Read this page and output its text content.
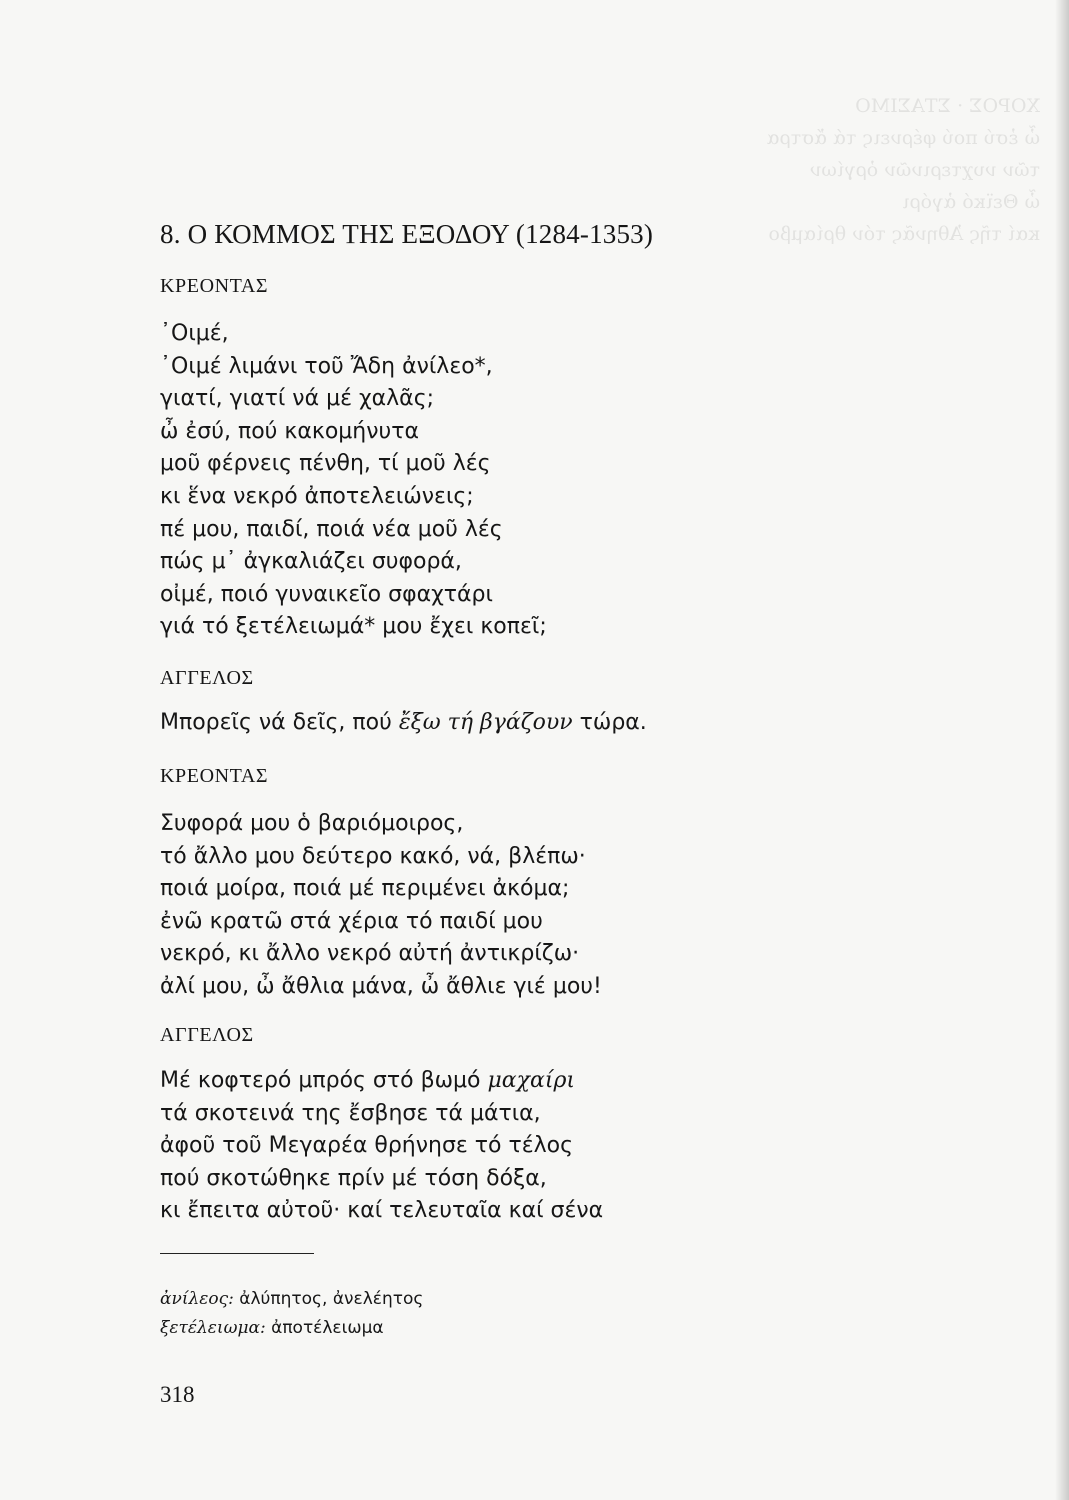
ΧΟΡΟΣ · ΣΤΑΣΙΜΟ
ὦ ἐσύ πού φέρνεις τά ἄστρα
τῶν νυχτερινῶν ὀργίων
ὦ Θεϊκό ἀγόρι
καί τῆς Ἀθηνᾶς τόν θρίαμβο
8. Ο ΚΟΜΜΟΣ ΤΗΣ ΕΞΟΔΟΥ (1284-1353)
ΚΡΕΟΝΤΑΣ
᾿Οιμέ,
᾿Οιμέ λιμάνι τοῦ Ἄδη ἀνίλεο*,
γιατί, γιατί νά μέ χαλᾶς;
ὦ ἐσύ, πού κακομήνυτα
μοῦ φέρνεις πένθη, τί μοῦ λές
κι ἕνα νεκρό ἀποτελειώνεις;
πέ μου, παιδί, ποιά νέα μοῦ λές
πώς μ᾿ ἀγκαλιάζει συφορά,
οἰμέ, ποιό γυναικεῖο σφαχτάρι
γιά τό ξετέλειωμά* μου ἔχει κοπεῖ;
ΑΓΓΕΛΟΣ
Μπορεῖς νά δεῖς, πού ἔξω τή βγάζουν τώρα.
ΚΡΕΟΝΤΑΣ
Συφορά μου ὁ βαριόμοιρος,
τό ἄλλο μου δεύτερο κακό, νά, βλέπω·
ποιά μοίρα, ποιά μέ περιμένει ἀκόμα;
ἐνῶ κρατῶ στά χέρια τό παιδί μου
νεκρό, κι ἄλλο νεκρό αὐτή ἀντικρίζω·
ἀλί μου, ὦ ἄθλια μάνα, ὦ ἄθλιε γιέ μου!
ΑΓΓΕΛΟΣ
Μέ κοφτερό μπρός στό βωμό μαχαίρι
τά σκοτεινά της ἔσβησε τά μάτια,
ἀφοῦ τοῦ Μεγαρέα θρήνησε τό τέλος
πού σκοτώθηκε πρίν μέ τόση δόξα,
κι ἔπειτα αὐτοῦ· καί τελευταῖα καί σένα
ἀνίλεος: ἀλύπητος, ἀνελέητος
ξετέλειωμα: ἀποτέλειωμα
318
